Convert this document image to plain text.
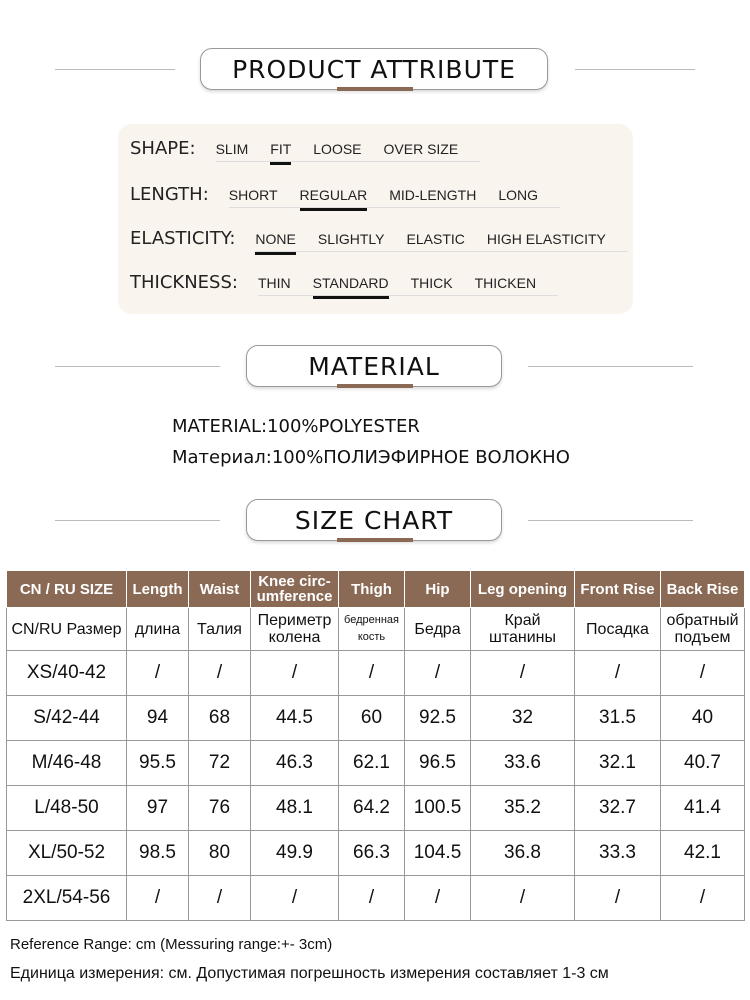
PRODUCT ATTRIBUTE
SHAPE: SLIM FIT LOOSE OVER SIZE
LENGTH: SHORT REGULAR MID-LENGTH LONG
ELASTICITY: NONE SLIGHTLY ELASTIC HIGH ELASTICITY
THICKNESS: THIN STANDARD THICK THICKEN
MATERIAL
MATERIAL:100%POLYESTER
Материал:100%ПОЛИЭФИРНОЕ ВОЛОКНО
SIZE CHART
CN / RU SIZE	Length	Waist	Knee circ-umference	Thigh	Hip	Leg opening	Front Rise	Back Rise
CN/RU Размер	длина	Талия	Периметр колена	бедренная кость	Бедра	Край штанины	Посадка	обратный подъем
XS/40-42	/	/	/	/	/	/	/	/
S/42-44	94	68	44.5	60	92.5	32	31.5	40
M/46-48	95.5	72	46.3	62.1	96.5	33.6	32.1	40.7
L/48-50	97	76	48.1	64.2	100.5	35.2	32.7	41.4
XL/50-52	98.5	80	49.9	66.3	104.5	36.8	33.3	42.1
2XL/54-56	/	/	/	/	/	/	/	/
Reference Range: cm (Messuring range:+- 3cm)
Единица измерения: см. Допустимая погрешность измерения составляет 1-3 см
